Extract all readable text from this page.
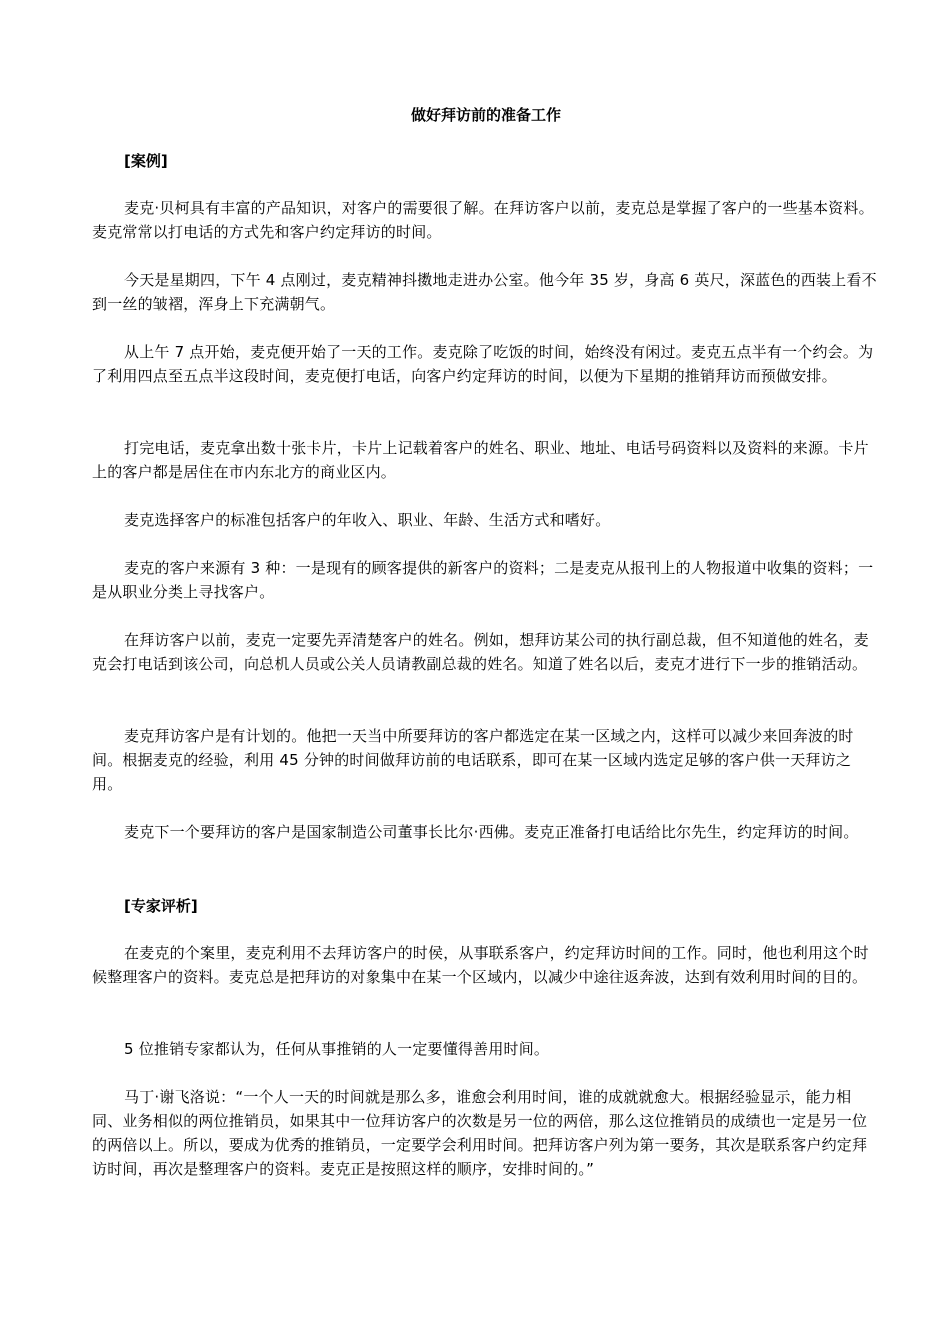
做好拜访前的准备工作
[案例]

麦克·贝柯具有丰富的产品知识，对客户的需要很了解。在拜访客户以前，麦克总是掌握了客户的一些基本资料。麦克常常以打电话的方式先和客户约定拜访的时间。

今天是星期四，下午 4 点刚过，麦克精神抖擞地走进办公室。他今年 35 岁，身高 6 英尺，深蓝色的西装上看不到一丝的皱褶，浑身上下充满朝气。

从上午 7 点开始，麦克便开始了一天的工作。麦克除了吃饭的时间，始终没有闲过。麦克五点半有一个约会。为了利用四点至五点半这段时间，麦克便打电话，向客户约定拜访的时间，以便为下星期的推销拜访而预做安排。

打完电话，麦克拿出数十张卡片，卡片上记载着客户的姓名、职业、地址、电话号码资料以及资料的来源。卡片上的客户都是居住在市内东北方的商业区内。

麦克选择客户的标准包括客户的年收入、职业、年龄、生活方式和嗜好。

麦克的客户来源有 3 种：一是现有的顾客提供的新客户的资料；二是麦克从报刊上的人物报道中收集的资料；一是从职业分类上寻找客户。

在拜访客户以前，麦克一定要先弄清楚客户的姓名。例如，想拜访某公司的执行副总裁，但不知道他的姓名，麦克会打电话到该公司，向总机人员或公关人员请教副总裁的姓名。知道了姓名以后，麦克才进行下一步的推销活动。

麦克拜访客户是有计划的。他把一天当中所要拜访的客户都选定在某一区域之内，这样可以减少来回奔波的时间。根据麦克的经验，利用 45 分钟的时间做拜访前的电话联系，即可在某一区域内选定足够的客户供一天拜访之用。

麦克下一个要拜访的客户是国家制造公司董事长比尔·西佛。麦克正准备打电话给比尔先生，约定拜访的时间。

[专家评析]

在麦克的个案里，麦克利用不去拜访客户的时侯，从事联系客户，约定拜访时间的工作。同时，他也利用这个时候整理客户的资料。麦克总是把拜访的对象集中在某一个区域内，以减少中途往返奔波，达到有效利用时间的目的。

5 位推销专家都认为，任何从事推销的人一定要懂得善用时间。

马丁·谢飞洛说：“一个人一天的时间就是那么多，谁愈会利用时间，谁的成就就愈大。根据经验显示，能力相同、业务相似的两位推销员，如果其中一位拜访客户的次数是另一位的两倍，那么这位推销员的成绩也一定是另一位的两倍以上。所以，要成为优秀的推销员，一定要学会利用时间。把拜访客户列为第一要务，其次是联系客户约定拜访时间，再次是整理客户的资料。麦克正是按照这样的顺序，安排时间的。”
